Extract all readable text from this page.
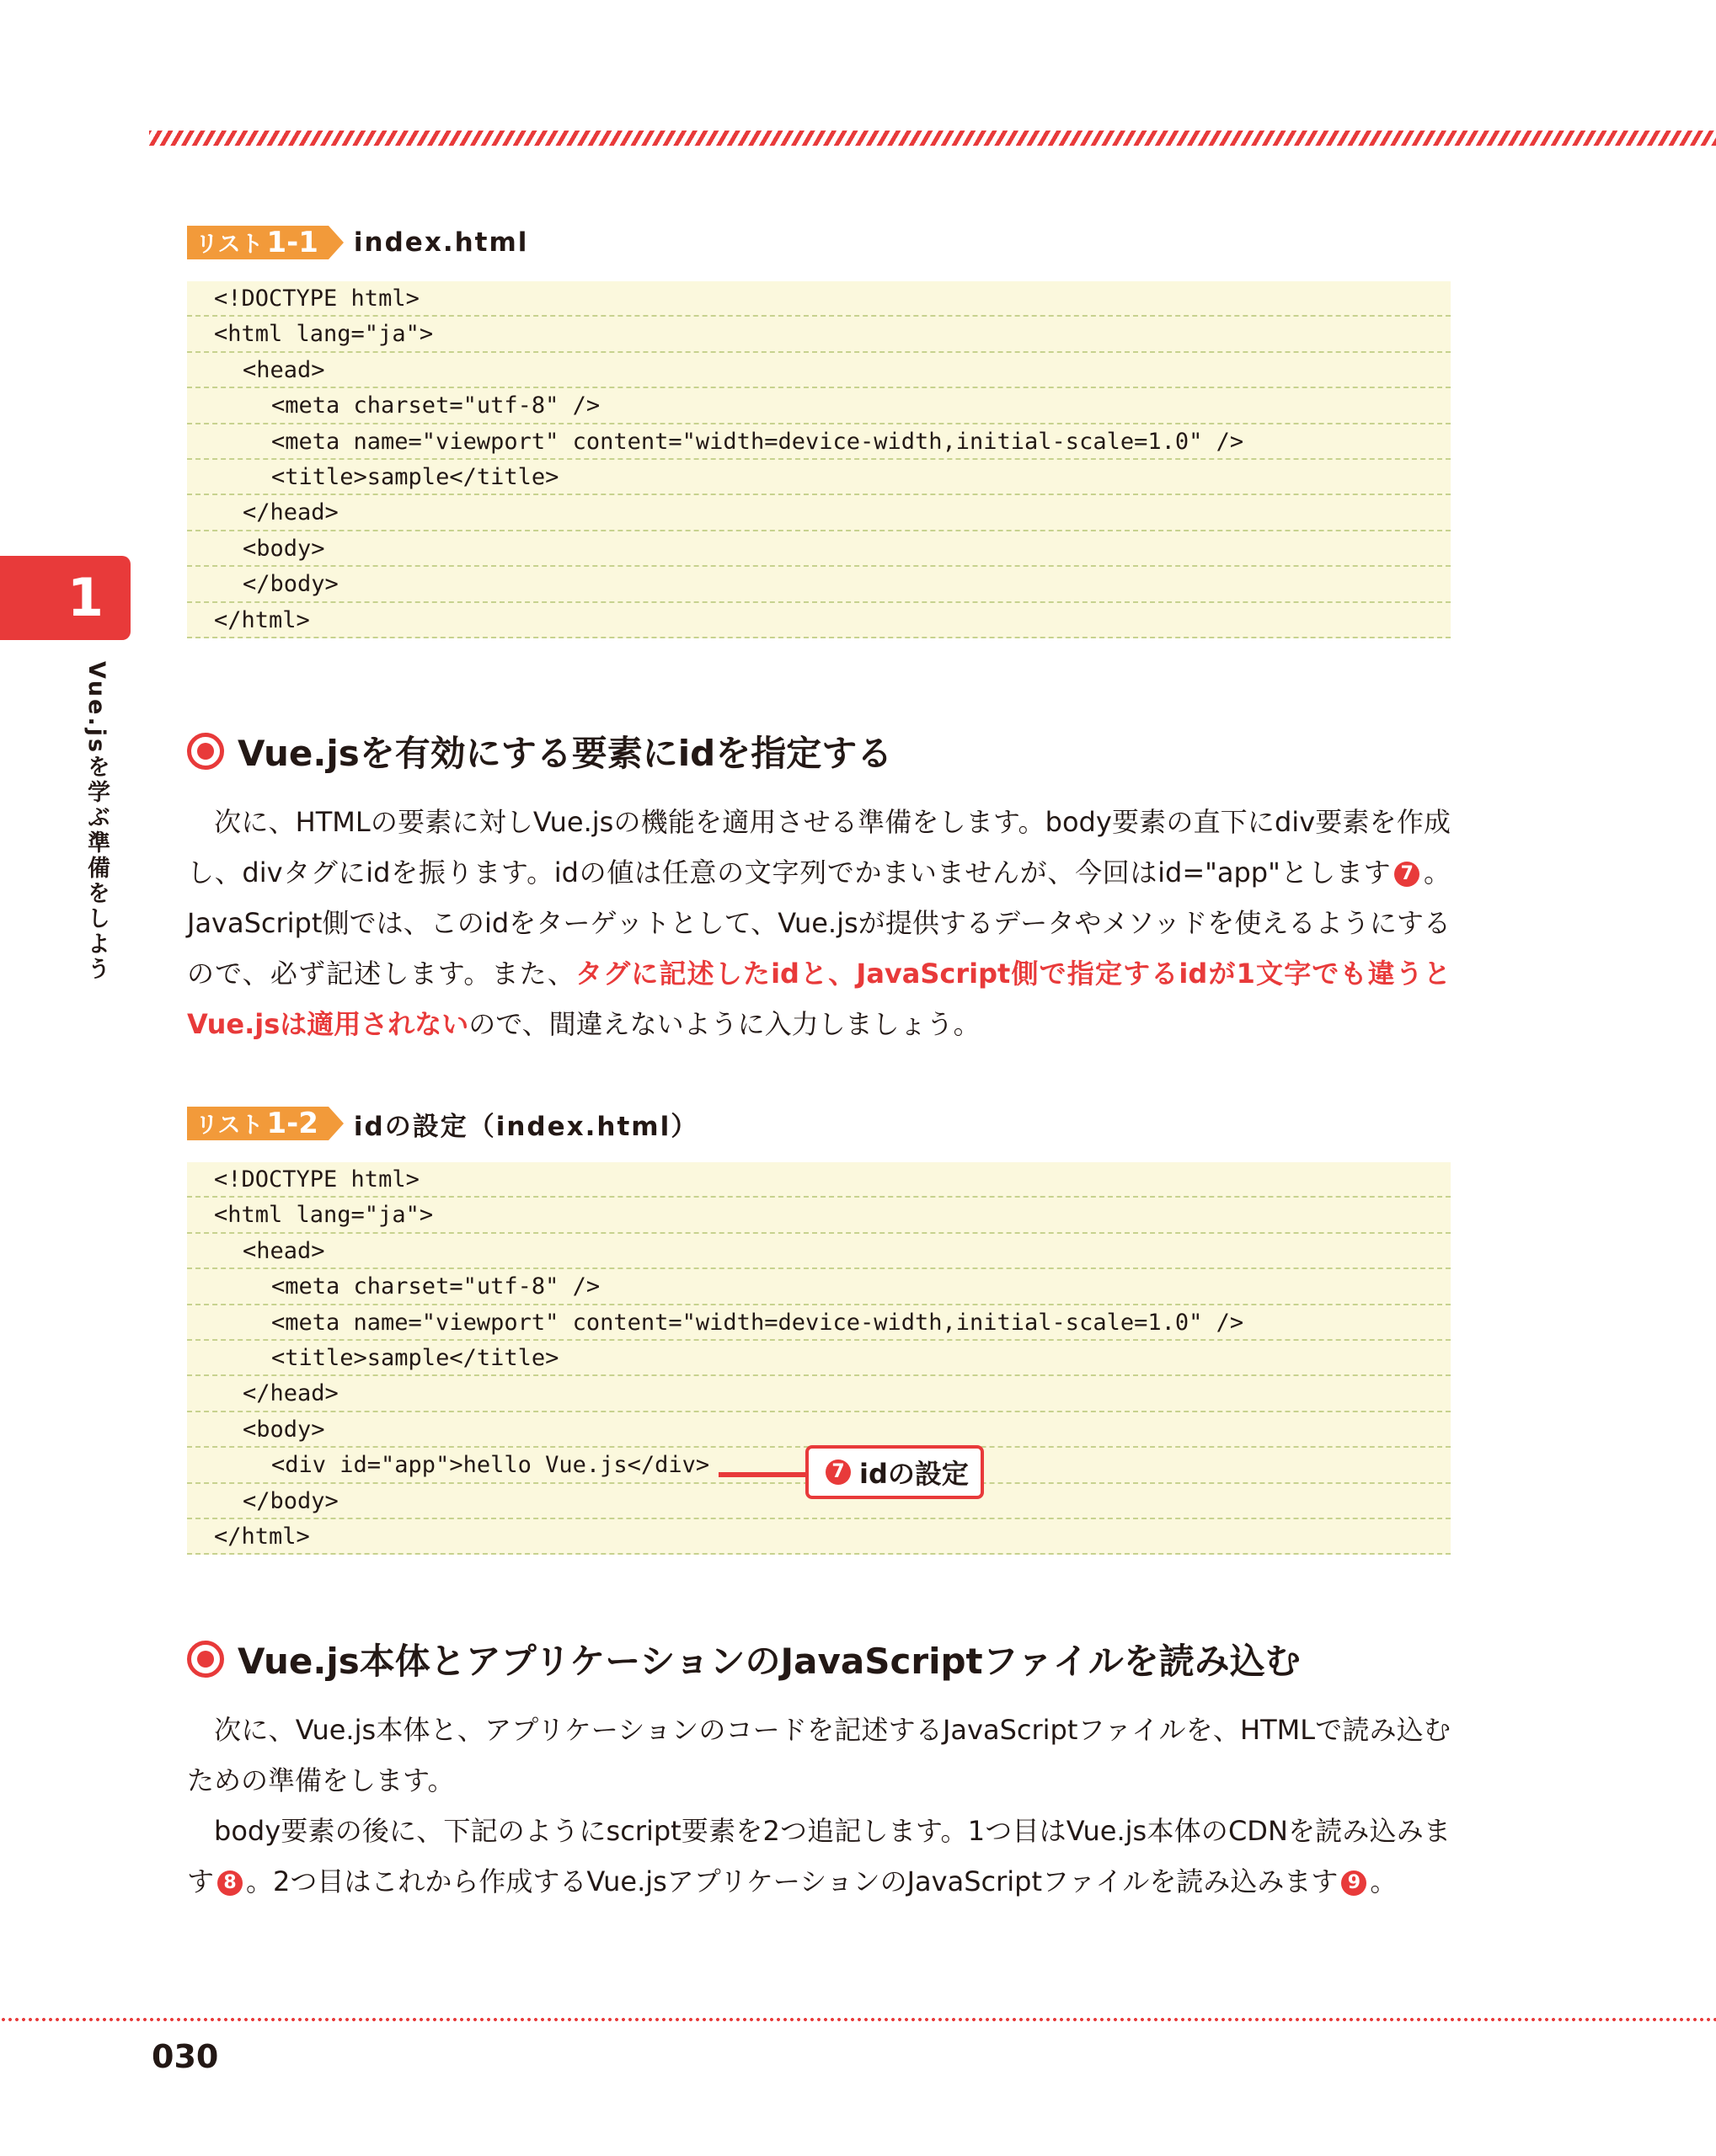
1
Vue.jsを学ぶ準備をしよう
リスト 1-1	index.html
<!DOCTYPE html>
<html lang="ja">
<head>
<meta charset="utf-8" />
<meta name="viewport" content="width=device-width,initial-scale=1.0" />
<title>sample</title>
</head>
<body>
</body>
</html>
Vue.jsを有効にする要素にidを指定する
次に、HTMLの要素に対しVue.jsの機能を適用させる準備をします。body要素の直下にdiv要素を作成し、divタグにidを振ります。idの値は任意の文字列でかまいませんが、今回はid="app"とします 7 。JavaScript側では、このidをターゲットとして、Vue.jsが提供するデータやメソッドを使えるようにするので、必ず記述します。また、タグに記述したidと、JavaScript側で指定するidが1文字でも違うとVue.jsは適用されないので、間違えないように入力しましょう。
リスト 1-2	idの設定（index.html）
<!DOCTYPE html>
<html lang="ja">
<head>
<meta charset="utf-8" />
<meta name="viewport" content="width=device-width,initial-scale=1.0" />
<title>sample</title>
</head>
<body>
<div id="app">hello Vue.js</div>
</body>
</html>
7 idの設定
Vue.js本体とアプリケーションのJavaScriptファイルを読み込む
次に、Vue.js本体と、アプリケーションのコードを記述するJavaScriptファイルを、HTMLで読み込むための準備をします。
body要素の後に、下記のようにscript要素を2つ追記します。1つ目はVue.js本体のCDNを読み込みます 8 。2つ目はこれから作成するVue.jsアプリケーションのJavaScriptファイルを読み込みます 9 。
030
